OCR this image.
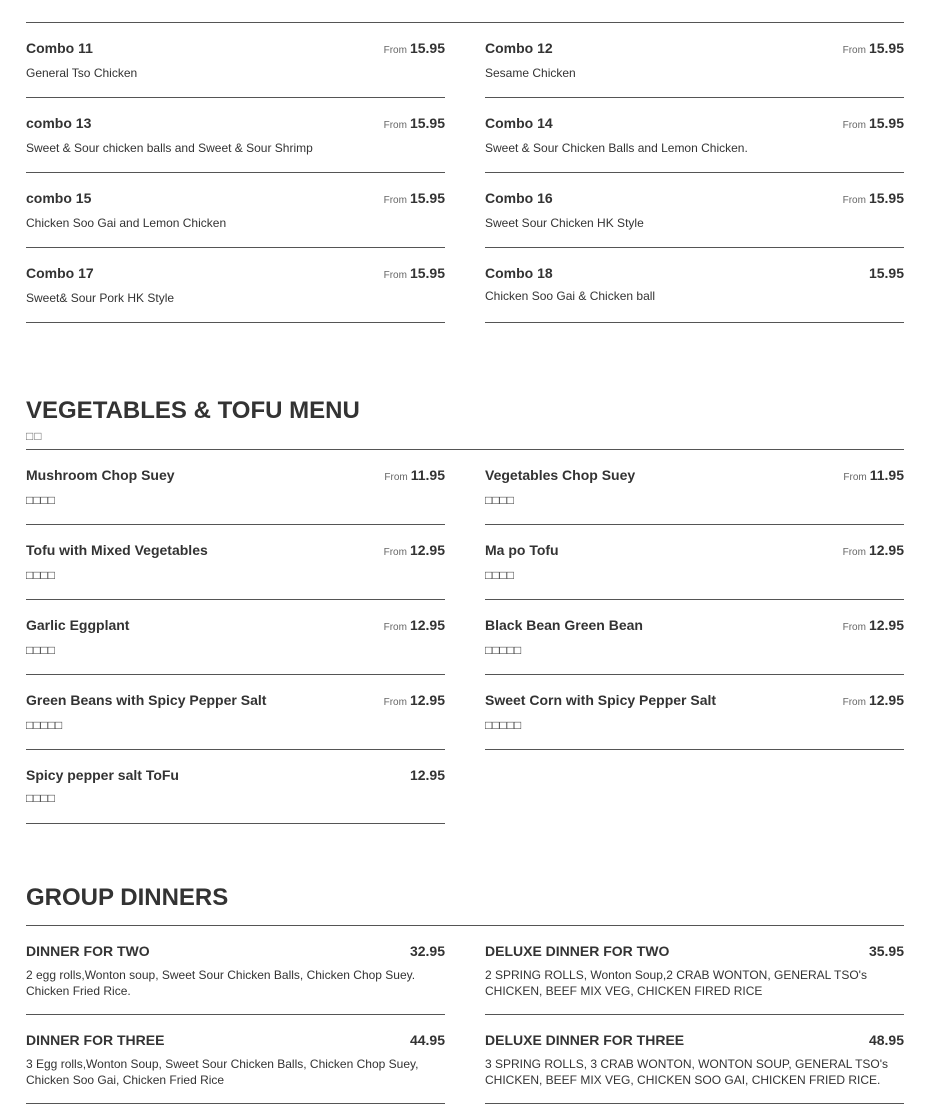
Combo 11	From 15.95
General Tso Chicken
Combo 12	From 15.95
Sesame Chicken
combo 13	From 15.95
Sweet & Sour chicken balls and Sweet & Sour Shrimp
Combo 14	From 15.95
Sweet & Sour Chicken Balls and Lemon Chicken.
combo 15	From 15.95
Chicken Soo Gai and Lemon Chicken
Combo 16	From 15.95
Sweet Sour Chicken HK Style
Combo 17	From 15.95
Sweet& Sour Pork HK Style
Combo 18	15.95
Chicken Soo Gai & Chicken ball
VEGETABLES & TOFU MENU
□□
Mushroom Chop Suey	From 11.95
□□□□
Vegetables Chop Suey	From 11.95
□□□□
Tofu with Mixed Vegetables	From 12.95
□□□□
Ma po Tofu	From 12.95
□□□□
Garlic Eggplant	From 12.95
□□□□
Black Bean Green Bean	From 12.95
□□□□□
Green Beans with Spicy Pepper Salt	From 12.95
□□□□□
Sweet Corn with Spicy Pepper Salt	From 12.95
□□□□□
Spicy pepper salt ToFu	12.95
□□□□
GROUP DINNERS
DINNER FOR TWO	32.95
2 egg rolls,Wonton soup, Sweet Sour Chicken Balls, Chicken Chop Suey. Chicken Fried Rice.
DELUXE DINNER FOR TWO	35.95
2 SPRING ROLLS, Wonton Soup,2 CRAB WONTON, GENERAL TSO's CHICKEN, BEEF MIX VEG, CHICKEN FIRED RICE
DINNER FOR THREE	44.95
3 Egg rolls,Wonton Soup, Sweet Sour Chicken Balls, Chicken Chop Suey, Chicken Soo Gai, Chicken Fried Rice
DELUXE DINNER FOR THREE	48.95
3 SPRING ROLLS, 3 CRAB WONTON, WONTON SOUP, GENERAL TSO's CHICKEN, BEEF MIX VEG, CHICKEN SOO GAI, CHICKEN FRIED RICE.
